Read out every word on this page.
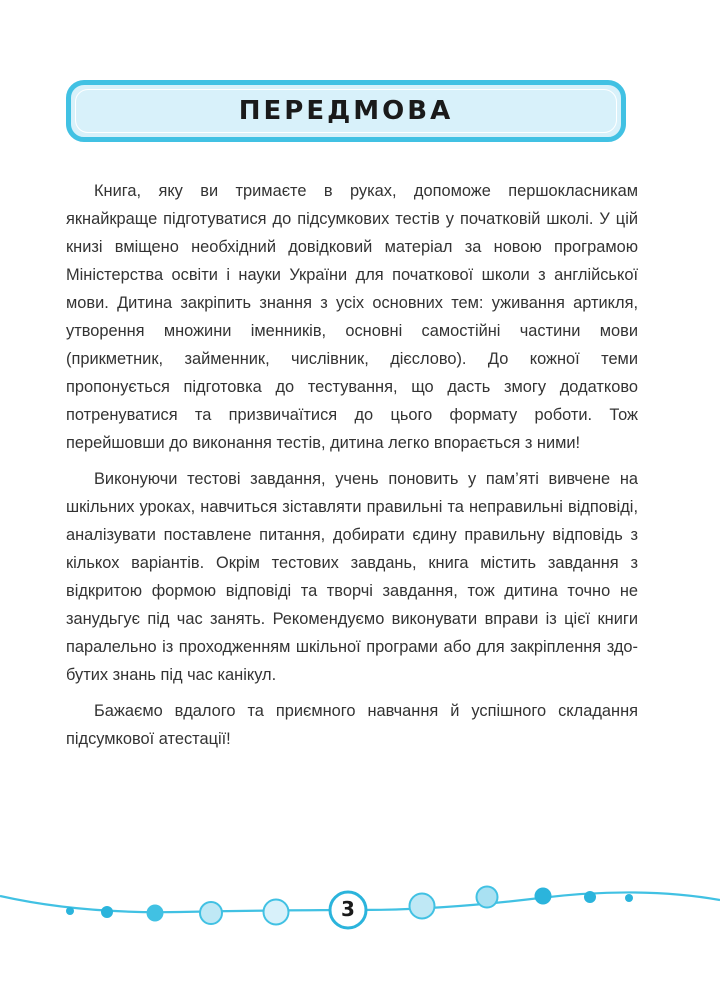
ПЕРЕДМОВА

Книга, яку ви тримаєте в руках, допоможе першокласникам якнайкраще підготуватися до підсумкових тестів у початковій школі. У цій книзі вміщено необхідний довідковий матеріал за новою програмою Міністерства освіти і науки України для початкової школи з англійської мови. Дитина закріпить знання з усіх основних тем: уживання артикля, утворення множини іменників, основні самостійні частини мови (прикметник, займенник, числівник, дієслово). До кожної теми пропонується підготовка до тестування, що дасть змогу додатково потренуватися та призвичаїтися до цього формату роботи. Тож перейшовши до виконання тестів, дитина легко впорається з ними!

Виконуючи тестові завдання, учень поновить у пам’яті вивчене на шкільних уроках, навчиться зіставляти правильні та неправильні відповіді, аналізувати поставлене питання, добирати єдину правильну відповідь з кількох варіантів. Окрім тестових завдань, книга містить завдання з відкритою формою відповіді та творчі завдання, тож дитина точно не занудьгує під час занять. Рекомендуємо виконувати вправи із цієї книги паралельно із проходженням шкільної програми або для закріплення здобутих знань під час канікул.

Бажаємо вдалого та приємного навчання й успішного складання підсумкової атестації!

3
